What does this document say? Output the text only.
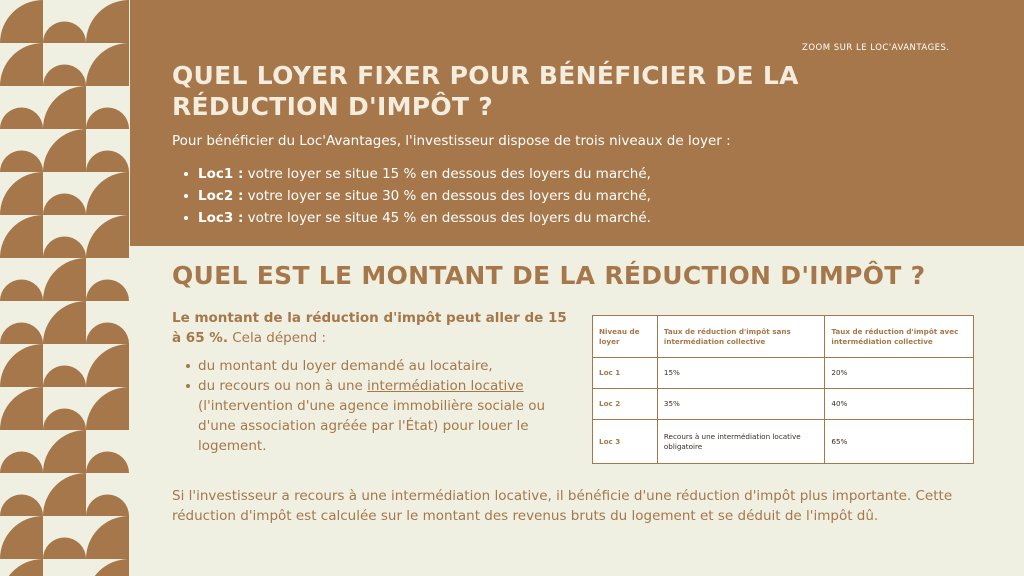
ZOOM SUR LE LOC'AVANTAGES.
QUEL LOYER FIXER POUR BÉNÉFICIER DE LA RÉDUCTION D'IMPÔT ?

Pour bénéficier du Loc'Avantages, l'investisseur dispose de trois niveaux de loyer :

Loc1 : votre loyer se situe 15 % en dessous des loyers du marché,
Loc2 : votre loyer se situe 30 % en dessous des loyers du marché,
Loc3 : votre loyer se situe 45 % en dessous des loyers du marché.
QUEL EST LE MONTANT DE LA RÉDUCTION D'IMPÔT ?

Le montant de la réduction d'impôt peut aller de 15 à 65 %. Cela dépend :

du montant du loyer demandé au locataire,
du recours ou non à une intermédiation locative (l'intervention d'une agence immobilière sociale ou d'une association agréée par l'État) pour louer le logement.
Niveau de loyer	Taux de réduction d'impôt sans intermédiation collective	Taux de réduction d'impôt avec intermédiation collective
Loc 1	15%	20%
Loc 2	35%	40%
Loc 3	Recours à une intermédiation locative obligatoire	65%

Si l'investisseur a recours à une intermédiation locative, il bénéficie d'une réduction d'impôt plus importante. Cette réduction d'impôt est calculée sur le montant des revenus bruts du logement et se déduit de l'impôt dû.
